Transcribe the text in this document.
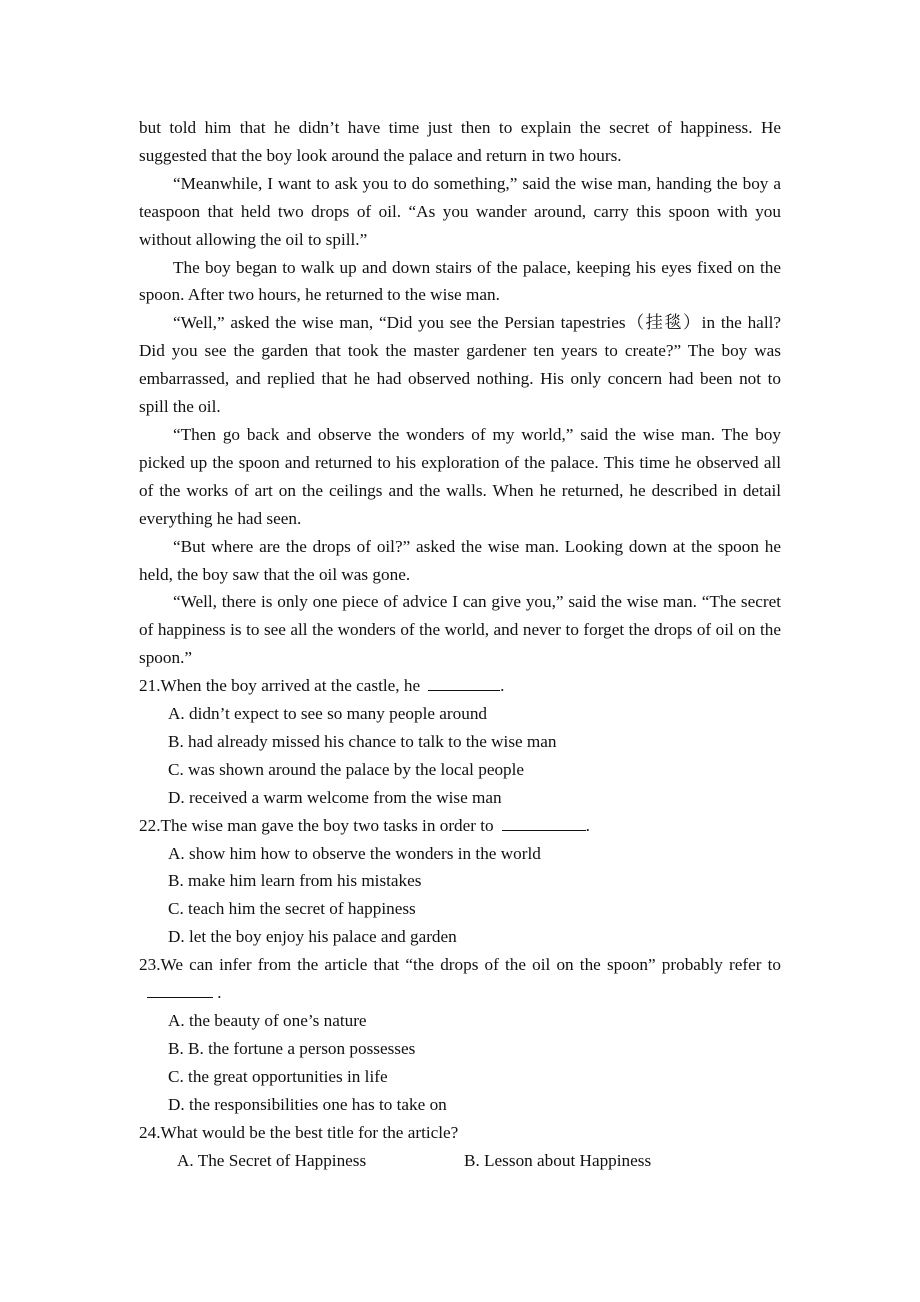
but told him that he didn’t have time just then to explain the secret of happiness. He suggested that the boy look around the palace and return in two hours.

“Meanwhile, I want to ask you to do something,” said the wise man, handing the boy a teaspoon that held two drops of oil. “As you wander around, carry this spoon with you without allowing the oil to spill.”

The boy began to walk up and down stairs of the palace, keeping his eyes fixed on the spoon. After two hours, he returned to the wise man.

“Well,” asked the wise man, “Did you see the Persian tapestries（挂毯）in the hall? Did you see the garden that took the master gardener ten years to create?” The boy was embarrassed, and replied that he had observed nothing. His only concern had been not to spill the oil.

“Then go back and observe the wonders of my world,” said the wise man. The boy picked up the spoon and returned to his exploration of the palace. This time he observed all of the works of art on the ceilings and the walls. When he returned, he described in detail everything he had seen.

“But where are the drops of oil?” asked the wise man. Looking down at the spoon he held, the boy saw that the oil was gone.

“Well, there is only one piece of advice I can give you,” said the wise man. “The secret of happiness is to see all the wonders of the world, and never to forget the drops of oil on the spoon.”

21.When the boy arrived at the castle, he	.

A. didn’t expect to see so many people around

B. had already missed his chance to talk to the wise man

C. was shown around the palace by the local people

D. received a warm welcome from the wise man

22.The wise man gave the boy two tasks in order to	.

A. show him how to observe the wonders in the world

B. make him learn from his mistakes

C. teach him the secret of happiness

D. let the boy enjoy his palace and garden

23.We can infer from the article that “the drops of the oil on the spoon” probably refer to .

A. the beauty of one’s nature

B. B. the fortune a person possesses

C. the great opportunities in life

D. the responsibilities one has to take on

24.What would be the best title for the article?

A. The Secret of Happiness	B. Lesson about Happiness
